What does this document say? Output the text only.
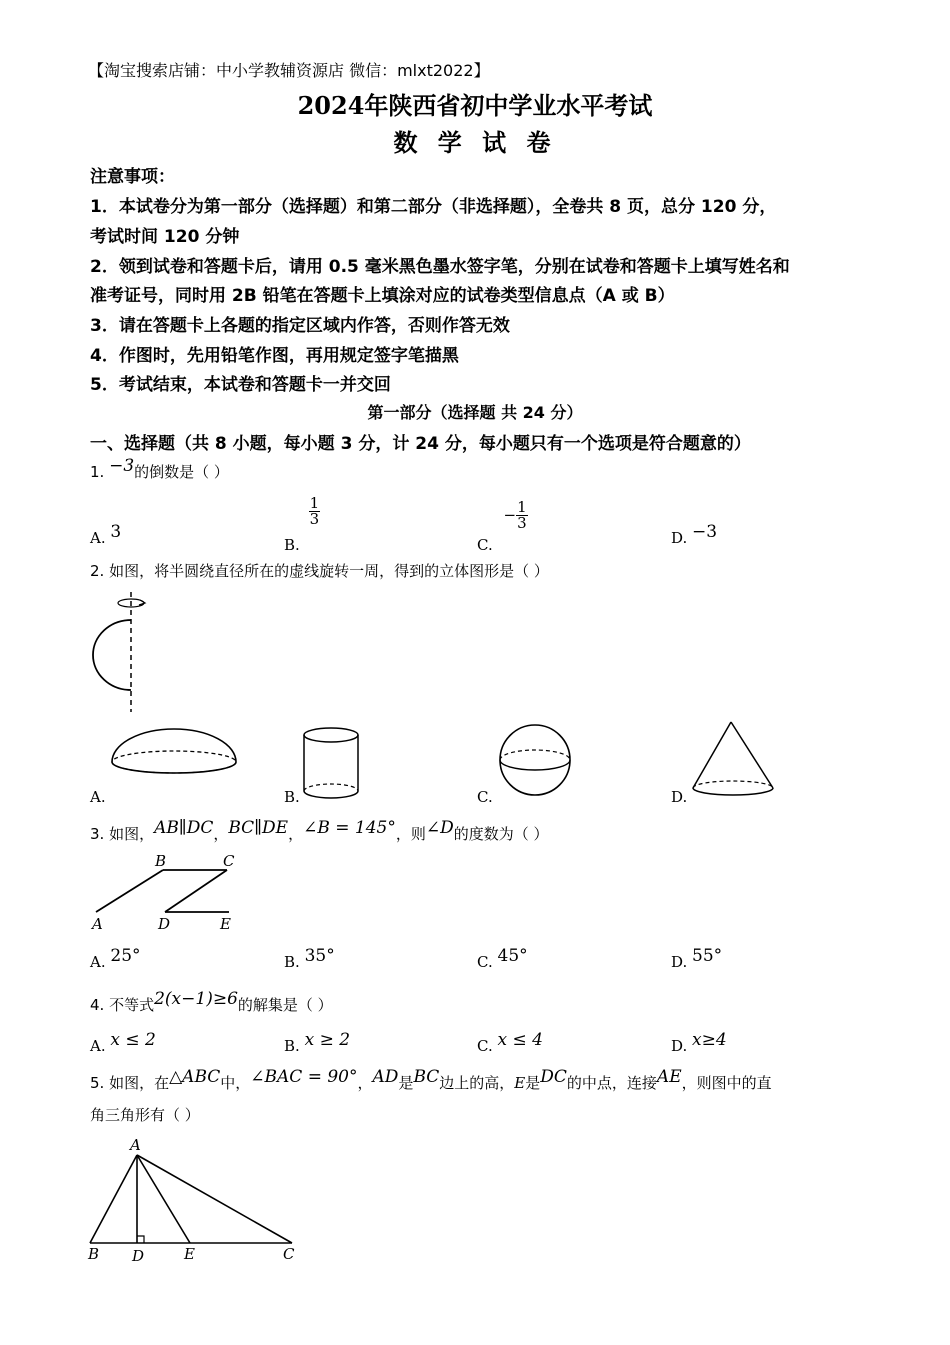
【淘宝搜索店铺：中小学教辅资源店 微信：mlxt2022】
2024年陕西省初中学业水平考试
数 学 试 卷
注意事项：
1．本试卷分为第一部分（选择题）和第二部分（非选择题），全卷共 8 页，总分 120 分，
考试时间 120 分钟
2．领到试卷和答题卡后，请用 0.5 毫米黑色墨水签字笔，分别在试卷和答题卡上填写姓名和
准考证号，同时用 2B 铅笔在答题卡上填涂对应的试卷类型信息点（A 或 B）
3．请在答题卡上各题的指定区域内作答，否则作答无效
4．作图时，先用铅笔作图，再用规定签字笔描黑
5．考试结束，本试卷和答题卡一并交回
第一部分（选择题 共 24 分）
一、选择题（共 8 小题，每小题 3 分，计 24 分，每小题只有一个选项是符合题意的）
1. −3的倒数是（ ）
A. 3
B.
$\frac{1}{3}$
C. − $\frac{1}{3}$
D. −3
2. 如图，将半圆绕直径所在的虚线旋转一周，得到的立体图形是（ ）
A.	B.	C.	D.
3. 如图，AB∥DC，BC∥DE，∠B = 145°，则∠D的度数为（ ）
B	C
A	D	E
A. 25°	B. 35°	C. 45°	D. 55°
4. 不等式2(x−1)≥6的解集是（ ）
A. x ≤ 2	B. x ≥ 2	C. x ≤ 4	D. x≥4
5. 如图，在△ABC中，∠BAC = 90°，AD是BC边上的高，E是DC的中点，连接AE，则图中的直
角三角形有（ ）
A
B D	E	C
